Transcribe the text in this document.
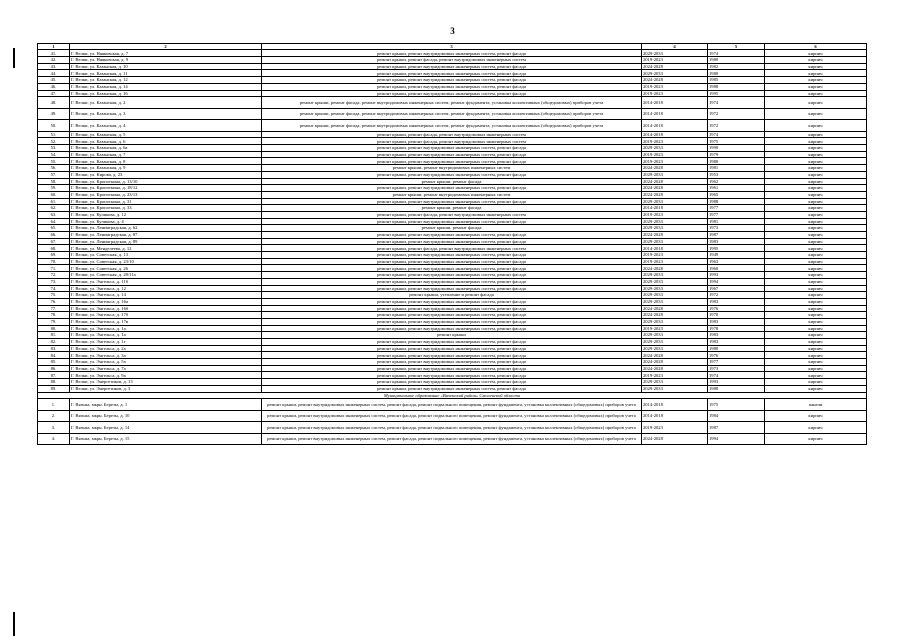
3
1	2	3	4	5	6
41.	Г. Велки, ул. Няяковская, д. 7	ремонт крыши, ремонт внутридомовых инженерных систем, ремонт фасада	2029-2033	1974	кирпич
42.	Г. Велки, ул. Няяковская, д. 9	ремонт крыши, ремонт фасада, ремонт внутридомовых инженерных систем	2019-2023	1980	кирпич
43.	Г. Велки, ул. Казанская, д. 10	ремонт крыши, ремонт внутридомовых инженерных систем, ремонт фасада	2024-2028	1982	кирпич
44.	Г. Велки, ул. Казанская, д. 11	ремонт крыши, ремонт внутридомовых инженерных систем, ремонт фасада	2029-2033	1980	кирпич
45.	Г. Велки, ул. Казанская, д. 12	ремонт крыши, ремонт внутридомовых инженерных систем, ремонт фасада	2024-2028	1985	кирпич
46.	Г. Велки, ул. Казанская, д. 14	ремонт крыши, ремонт внутридомовых инженерных систем, ремонт фасада	2019-2023	1988	кирпич
47.	Г. Велки, ул. Казанская, д. 16	ремонт крыши, ремонт внутридомовых инженерных систем, ремонт фасада	2019-2023	1995	кирпич
48.	Г. Велки, ул. Казанская, д. 2	ремонт крыши, ремонт фасада, ремонт внутридомовых инженерных систем, ремонт фундамента, установка коллективных (общедомовых) приборов учета	2014-2018	1974	кирпич
49.	Г. Велки, ул. Казанская, д. 3	ремонт крыши, ремонт фасада, ремонт внутридомовых инженерных систем, ремонт фундамента, установка коллективных (общедомовых) приборов учета	2014-2018	1972	кирпич
50.	Г. Велки, ул. Казанская, д. 4	ремонт крыши, ремонт фасада, ремонт внутридомовых инженерных систем, ремонт фундамента, установка коллективных (общедомовых) приборов учета	2014-2018	1972	кирпич
51.	Г. Велки, ул. Казанская, д. 5	ремонт крыши, ремонт фасада, ремонт внутридомовых инженерных систем	2014-2018	1974	кирпич
52.	Г. Велки, ул. Казанская, д. 6	ремонт крыши, ремонт фасада, ремонт внутридомовых инженерных систем	2019-2023	1975	кирпич
53.	Г. Велки, ул. Казанская, д. 6а	ремонт крыши, ремонт внутридомовых инженерных систем, ремонт фасада	2029-2033	1990	кирпич
54.	Г. Велки, ул. Казанская, д. 7	ремонт крыши, ремонт внутридомовых инженерных систем, ремонт фасада	2019-2023	1979	кирпич
55.	Г. Велки, ул. Казанская, д. 8	ремонт крыши, ремонт внутридомовых инженерных систем, ремонт фасада	2019-2023	1980	кирпич
56.	Г. Велки, ул. Казанская, д. 9	ремонт крыши, ремонт внутридомовых инженерных систем	2024-2028	1981	кирпич
57.	Г. Велки, ул. Кирова, д. 23	ремонт крыши, ремонт внутридомовых инженерных систем, ремонт фасада	2029-2033	1953	кирпич
58.	Г. Велки, ул. Кропоткина, д. 13/10	ремонт крыши, ремонт фасада	2024-2028	1962	кирпич
59.	Г. Велки, ул. Кропоткина, д. 18/12	ремонт крыши, ремонт внутридомовых инженерных систем, ремонт фасада	2024-2028	1961	кирпич
60.	Г. Велки, ул. Кропоткина, д. 23/13	ремонт крыши, ремонт внутридомовых инженерных систем	2024-2028	1965	кирпич
61.	Г. Велки, ул. Кропоткина, д. 31	ремонт крыши, ремонт внутридомовых инженерных систем, ремонт фасада	2029-2033	1988	кирпич
62.	Г. Велки, ул. Кропоткина, д. 33	ремонт крыши, ремонт фасада	2014-2018	1977	кирпич
63.	Г. Велки, ул. Куликова, д. 12	ремонт крыши, ремонт фасада, ремонт внутридомовых инженерных систем	2019-2023	1977	кирпич
64.	Г. Велки, ул. Куликова, д. 4	ремонт крыши, ремонт внутридомовых инженерных систем, ремонт фасада	2029-2033	1981	кирпич
65.	Г. Велки, ул. Ленинградская, д. 62	ремонт крыши, ремонт фасада	2029-2033	1973	кирпич
66.	Г. Велки, ул. Ленинградская, д. 87	ремонт крыши, ремонт внутридомовых инженерных систем, ремонт фасада	2024-2028	1987	кирпич
67.	Г. Велки, ул. Ленинградская, д. 89	ремонт крыши, ремонт внутридомовых инженерных систем, ремонт фасада	2029-2033	1983	кирпич
68.	Г. Велки, ул. Менделеева, д. 12	ремонт крыши, ремонт фасада, ремонт внутридомовых инженерных систем	2014-2018	1995	кирпич
69.	Г. Велки, ул. Советская, д. 13	ремонт крыши, ремонт внутридомовых инженерных систем, ремонт фасада	2019-2023	1949	кирпич
70.	Г. Велки, ул. Советская, д. 23/10	ремонт крыши, ремонт внутридомовых инженерных систем, ремонт фасада	2019-2023	1963	кирпич
71.	Г. Велки, ул. Советская, д. 26	ремонт крыши, ремонт внутридомовых инженерных систем, ремонт фасада	2024-2028	1960	кирпич
72.	Г. Велки, ул. Советская, д. 28/11а	ремонт крыши, ремонт внутридомовых инженерных систем, ремонт фасада	2029-2033	1993	кирпич
73.	Г. Велки, ул. Энгельса, д. 11б	ремонт крыши, ремонт внутридомовых инженерных систем, ремонт фасада	2029-2033	1994	кирпич
74.	Г. Велки, ул. Энгельса, д. 12	ремонт крыши, ремонт внутридомовых инженерных систем, ремонт фасада	2029-2033	1967	кирпич
75.	Г. Велки, ул. Энгельса, д. 14	ремонт крыши, утепление и ремонт фасада	2029-2033	1972	кирпич
76.	Г. Велки, ул. Энгельса, д. 16а	ремонт крыши, ремонт внутридомовых инженерных систем, ремонт фасада	2029-2033	1983	кирпич
77.	Г. Велки, ул. Энгельса, д. 16б	ремонт крыши, ремонт внутридомовых инженерных систем, ремонт фасада	2024-2028	1976	кирпич
78.	Г. Велки, ул. Энгельса, д. 17б	ремонт крыши, ремонт внутридомовых инженерных систем, ремонт фасада	2024-2028	1970	кирпич
79.	Г. Велки, ул. Энгельса, д. 17в	ремонт крыши, ремонт внутридомовых инженерных систем, ремонт фасада	2029-2033	1983	кирпич
80.	Г. Велки, ул. Энгельса, д. 1а	ремонт крыши, ремонт внутридомовых инженерных систем, ремонт фасада	2019-2023	1978	кирпич
81.	Г. Велки, ул. Энгельса, д. 1а	ремонт крыши	2029-2033	1983	кирпич
82.	Г. Велки, ул. Энгельса, д. 1г	ремонт крыши, ремонт внутридомовых инженерных систем, ремонт фасада	2029-2033	1983	кирпич
83.	Г. Велки, ул. Энгельса, д. 2а	ремонт крыши, ремонт внутридомовых инженерных систем, ремонт фасада	2029-2033	1980	кирпич
84.	Г. Велки, ул. Энгельса, д. 3а	ремонт крыши, ремонт внутридомовых инженерных систем, ремонт фасада	2024-2028	1976	кирпич
85.	Г. Велки, ул. Энгельса, д. 5а	ремонт крыши, ремонт внутридомовых инженерных систем, ремонт фасада	2024-2028	1977	кирпич
86.	Г. Велки, ул. Энгельса, д. 7а	ремонт крыши, ремонт внутридомовых инженерных систем, ремонт фасада	2024-2028	1973	кирпич
87.	Г. Велки, ул. Энгельса, д. 9а	ремонт крыши, ремонт внутридомовых инженерных систем, ремонт фасада	2019-2023	1974	кирпич
88.	Г. Велки, ул. Энергетиков, д. 13	ремонт крыши, ремонт внутридомовых инженерных систем, ремонт фасада	2029-2033	1993	кирпич
89.	Г. Велки, ул. Энергетиков, д. 3	ремонт крыши, ремонт внутридомовых инженерных систем, ремонт фасада	2029-2033	1988	кирпич
Муниципальное образование «Вяземский район» Смоленской области					
1.	Г. Вязьма, мкрн. Березы, д. 1	ремонт крыши, ремонт внутридомовых инженерных систем, ремонт фасада, ремонт подвального помещения, ремонт фундамента, установка коллективных (общедомовых) приборов учета	2014-2018	1975	панели
2.	Г. Вязьма, мкрн. Березы, д. 10	ремонт крыши, ремонт внутридомовых инженерных систем, ремонт фасада, ремонт подвального помещения, ремонт фундамента, установка коллективных (общедомовых) приборов учета	2014-2018	1984	кирпич
3.	Г. Вязьма, мкрн. Березы, д. 14	ремонт крыши, ремонт внутридомовых инженерных систем, ремонт фасада, ремонт подвального помещения, ремонт фундамента, установка коллективных (общедомовых) приборов учета	2019-2023	1987	кирпич
4.	Г. Вязьма, мкрн. Березы, д. 15	ремонт крыши, ремонт внутридомовых инженерных систем, ремонт фасада, ремонт подвального помещения, ремонт фундамента, установка коллективных (общедомовых) приборов учета	2024-2028	1994	кирпич
